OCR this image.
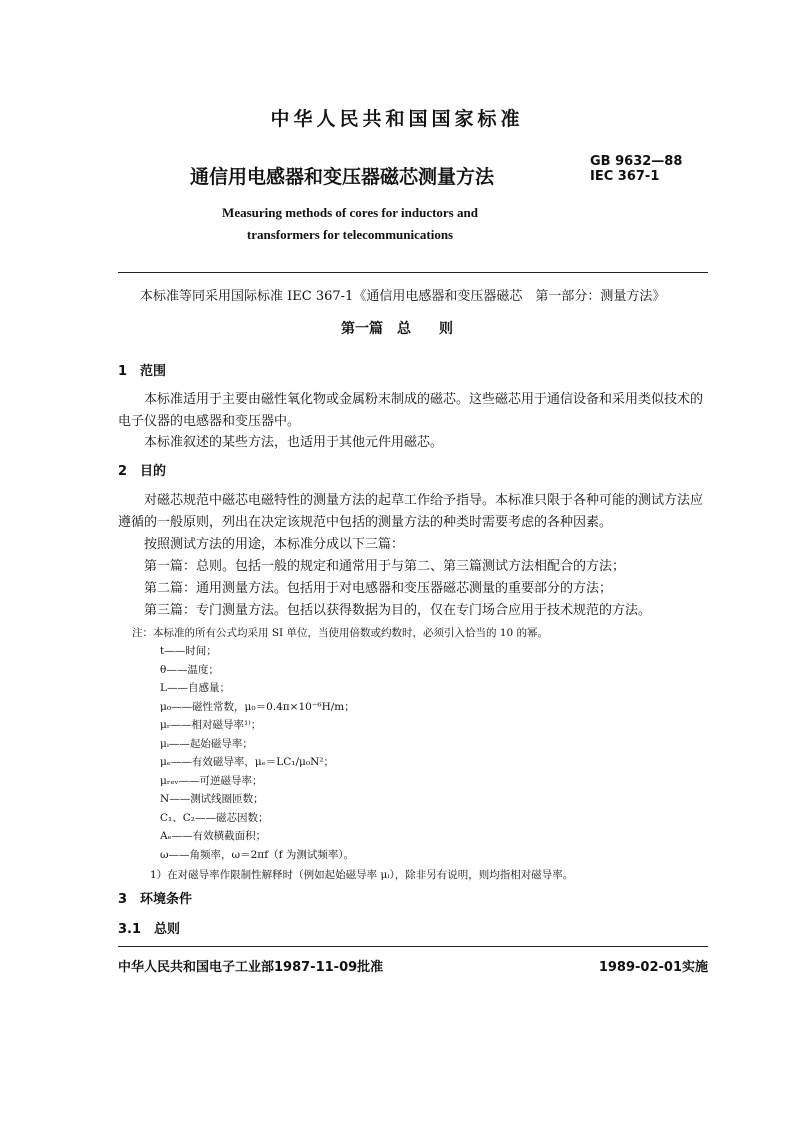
中华人民共和国国家标准
通信用电感器和变压器磁芯测量方法
GB 9632—88
IEC 367-1
Measuring methods of cores for inductors and
transformers for telecommunications
本标准等同采用国际标准 IEC 367-1《通信用电感器和变压器磁芯　第一部分：测量方法》
第一篇　总　　则
1　范围
本标准适用于主要由磁性氧化物或金属粉末制成的磁芯。这些磁芯用于通信设备和采用类似技术的电子仪器的电感器和变压器中。
本标准叙述的某些方法，也适用于其他元件用磁芯。
2　目的
对磁芯规范中磁芯电磁特性的测量方法的起草工作给予指导。本标准只限于各种可能的测试方法应遵循的一般原则，列出在决定该规范中包括的测量方法的种类时需要考虑的各种因素。
按照测试方法的用途，本标准分成以下三篇：
第一篇：总则。包括一般的规定和通常用于与第二、第三篇测试方法相配合的方法；
第二篇：通用测量方法。包括用于对电感器和变压器磁芯测量的重要部分的方法；
第三篇：专门测量方法。包括以获得数据为目的，仅在专门场合应用于技术规范的方法。
注：本标准的所有公式均采用 SI 单位，当使用倍数或约数时，必须引入恰当的 10 的幂。
t——时间；
θ——温度；
L——自感量；
μ₀——磁性常数，μ₀＝0.4π×10⁻⁶H/m；
μᵣ——相对磁导率¹⁾；
μᵢ——起始磁导率；
μₑ——有效磁导率，μₑ＝LC₁/μ₀N²；
μᵣₑᵥ——可逆磁导率；
N——测试线圈匝数；
C₁、C₂——磁芯因数；
Aₑ——有效横截面积；
ω——角频率，ω＝2πf（f 为测试频率）。
1）在对磁导率作限制性解释时（例如起始磁导率 μᵢ），除非另有说明，则均指相对磁导率。
3　环境条件
3.1　总则
中华人民共和国电子工业部1987-11-09批准	1989-02-01实施
